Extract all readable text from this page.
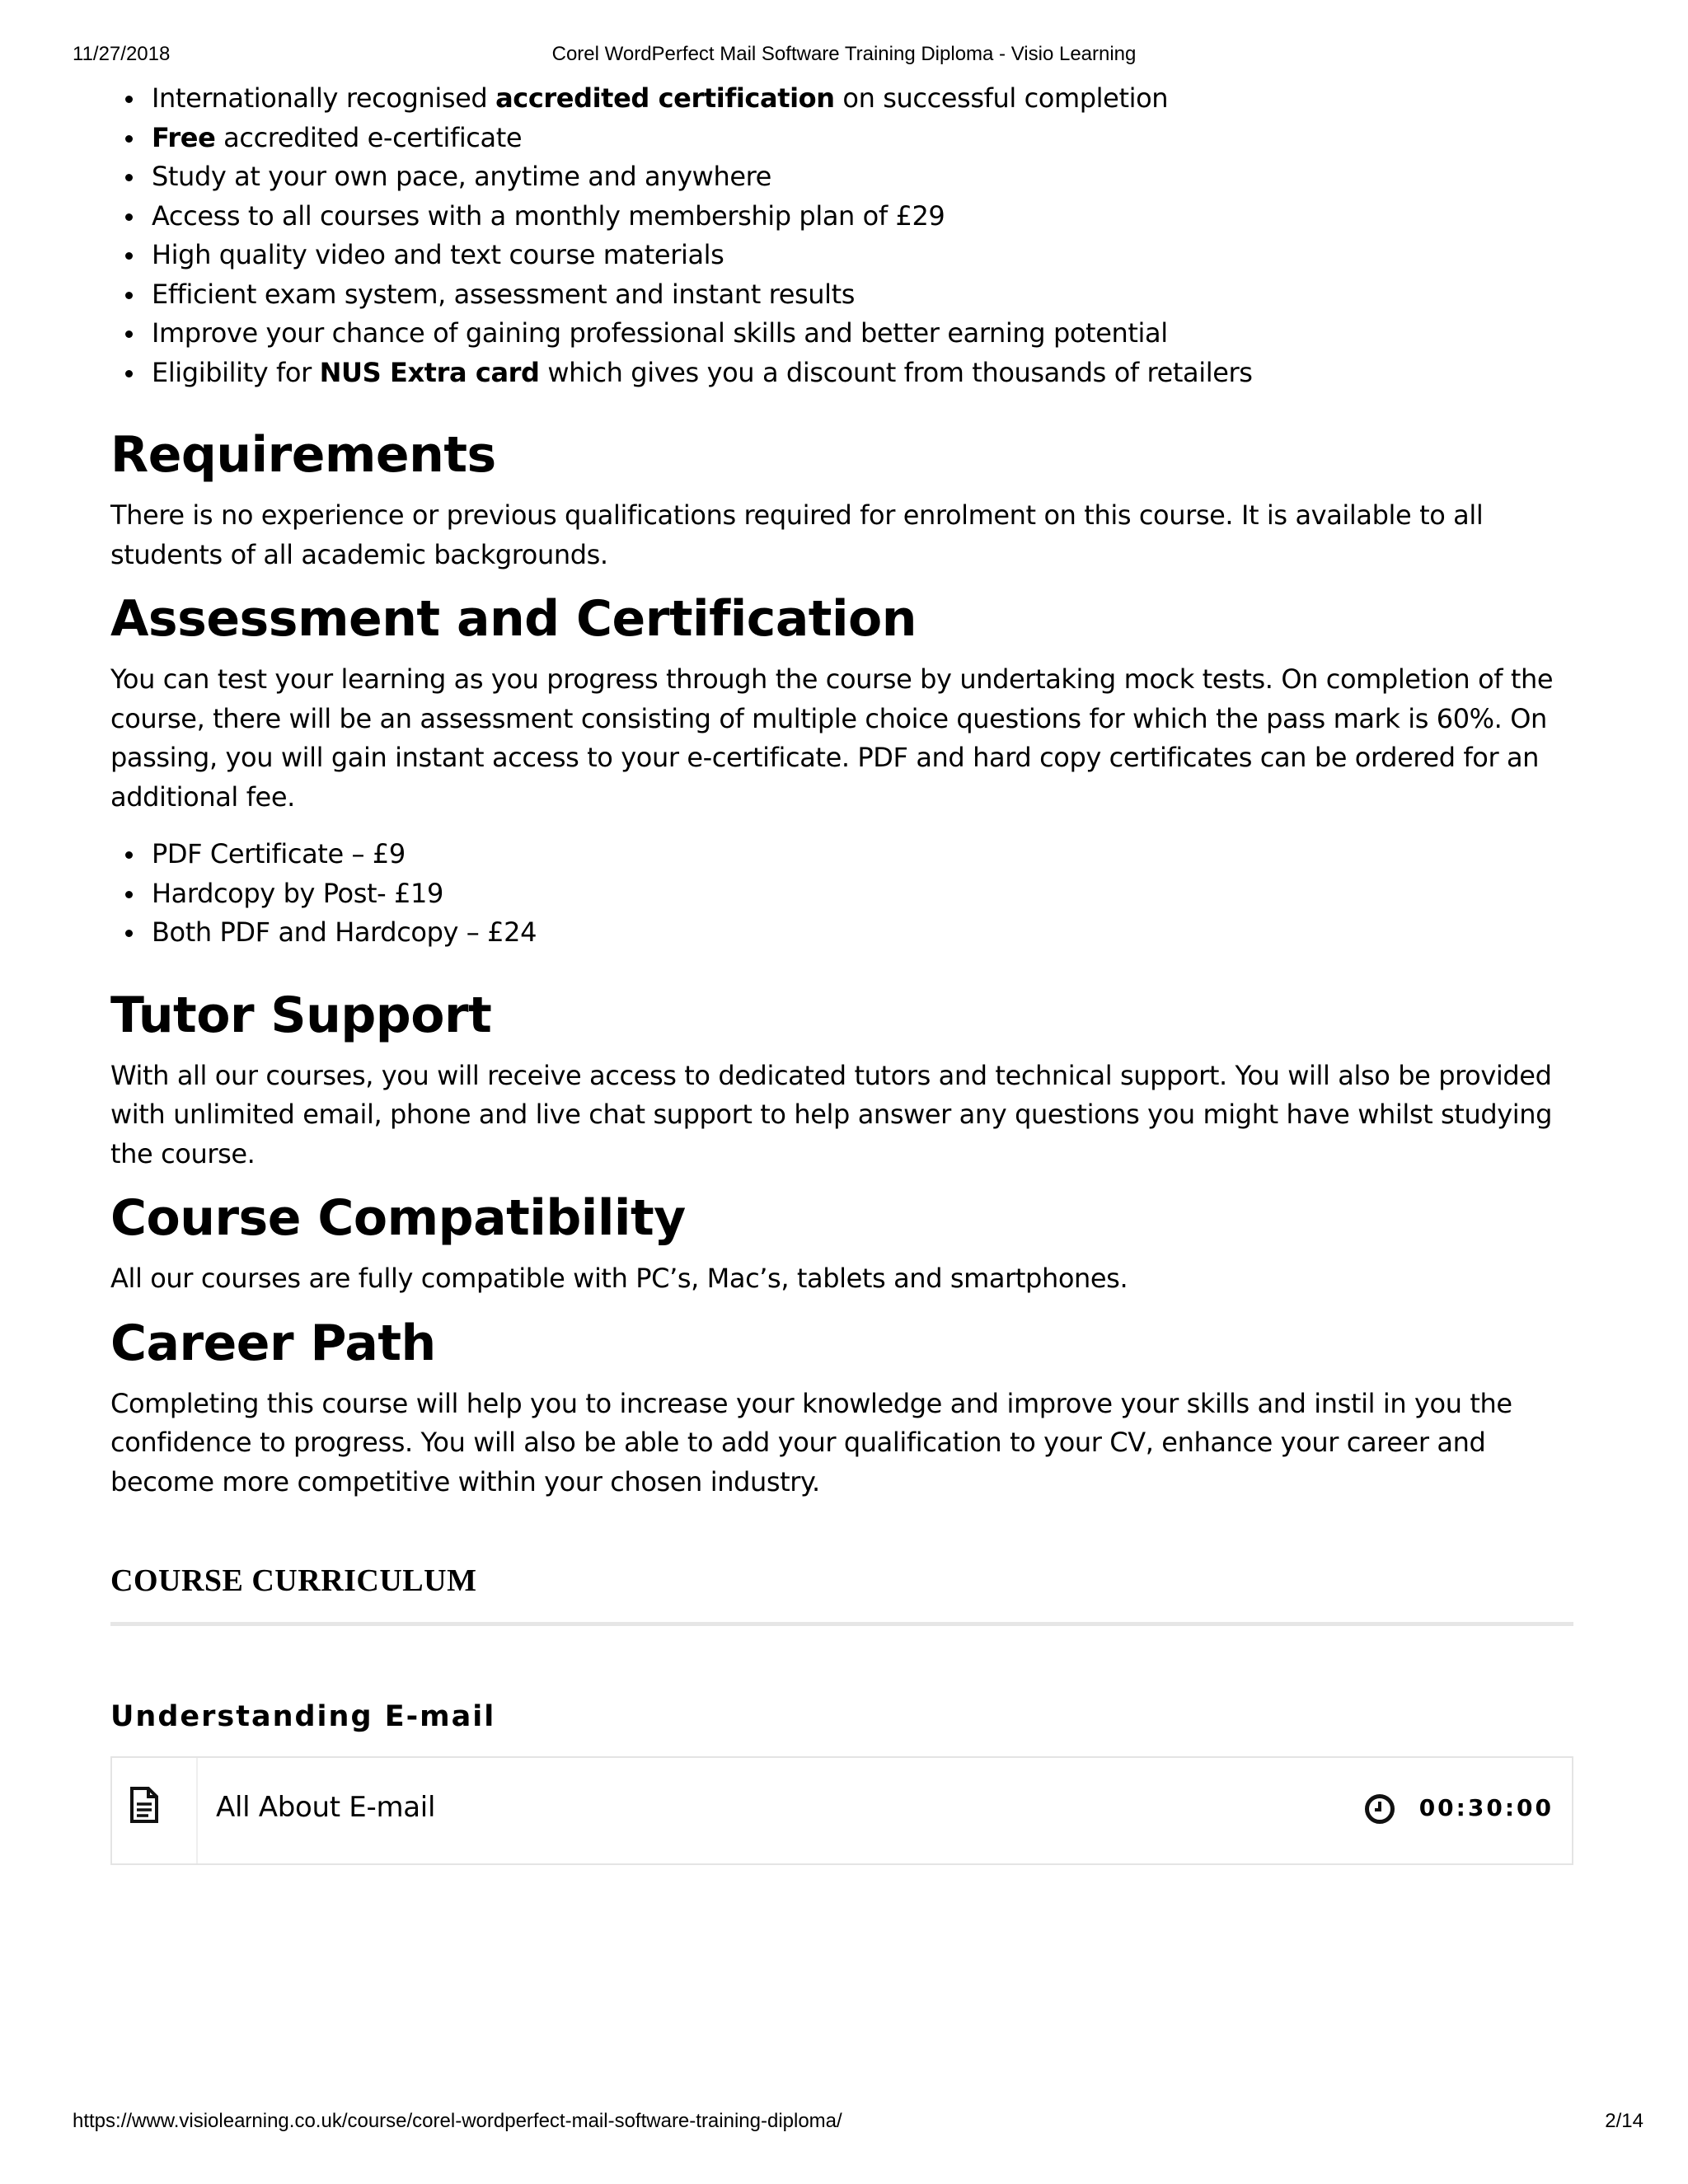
11/27/2018	Corel WordPerfect Mail Software Training Diploma - Visio Learning
Internationally recognised accredited certification on successful completion
Free accredited e-certificate
Study at your own pace, anytime and anywhere
Access to all courses with a monthly membership plan of £29
High quality video and text course materials
Efficient exam system, assessment and instant results
Improve your chance of gaining professional skills and better earning potential
Eligibility for NUS Extra card which gives you a discount from thousands of retailers
Requirements

There is no experience or previous qualifications required for enrolment on this course. It is available to all students of all academic backgrounds.

Assessment and Certification

You can test your learning as you progress through the course by undertaking mock tests. On completion of the course, there will be an assessment consisting of multiple choice questions for which the pass mark is 60%. On passing, you will gain instant access to your e-certificate. PDF and hard copy certificates can be ordered for an additional fee.

PDF Certificate – £9
Hardcopy by Post- £19
Both PDF and Hardcopy – £24
Tutor Support

With all our courses, you will receive access to dedicated tutors and technical support. You will also be provided with unlimited email, phone and live chat support to help answer any questions you might have whilst studying the course.

Course Compatibility

All our courses are fully compatible with PC’s, Mac’s, tablets and smartphones.

Career Path

Completing this course will help you to increase your knowledge and improve your skills and instil in you the confidence to progress. You will also be able to add your qualification to your CV, enhance your career and become more competitive within your chosen industry.

COURSE CURRICULUM
Understanding E-mail
All About E-mail	00:30:00
https://www.visiolearning.co.uk/course/corel-wordperfect-mail-software-training-diploma/	2/14
